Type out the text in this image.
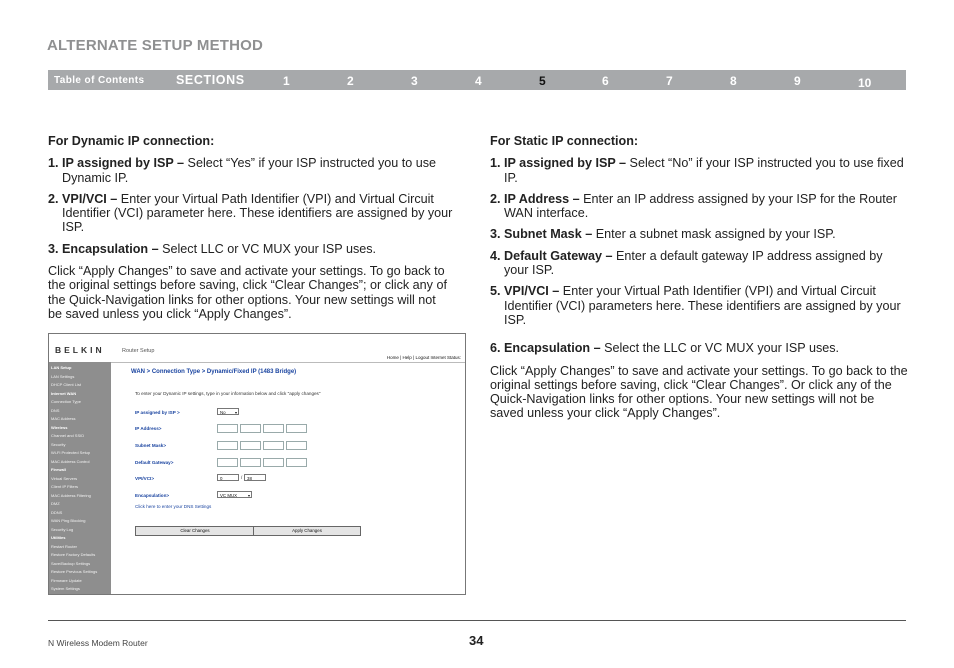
ALTERNATE SETUP METHOD
Table of Contents	SECTIONS	1	2	3	4	5	6	7	8	9	10

For Dynamic IP connection:

1. IP assigned by ISP – Select “Yes” if your ISP instructed you to use Dynamic IP.

2. VPI/VCI – Enter your Virtual Path Identifier (VPI) and Virtual Circuit Identifier (VCI) parameter here. These identifiers are assigned by your ISP.

3. Encapsulation – Select LLC or VC MUX your ISP uses.

Click “Apply Changes” to save and activate your settings. To go back to the original settings before saving, click “Clear Changes”; or click any of the Quick-Navigation links for other options. Your new settings will not be saved unless you click “Apply Changes”.

BELKIN	Router Setup
Home | Help | Logout Internet Status:
LAN Setup
LAN Settings
DHCP Client List
Internet WAN
Connection Type
DNS
MAC Address
Wireless
Channel and SSID
Security
Wi-Fi Protected Setup
MAC Address Control
Firewall
Virtual Servers
Client IP Filters
MAC Address Filtering
DMZ
DDNS
WAN Ping Blocking
Security Log
Utilities
Restart Router
Restore Factory Defaults
Save/Backup Settings
Restore Previous Settings
Firmware Update
System Settings
WAN > Connection Type > Dynamic/Fixed IP (1483 Bridge)
To enter your Dynamic IP settings, type in your information below and click "apply changes"
IP assigned by ISP >	No ▾
IP Address>
Subnet Mask>
Default Gateway>
VPI/VCI>	0	/	38
Encapsulation>	VC MUX	▾
Click here to enter your DNS Settings
Clear Changes	Apply Changes

For Static IP connection:

1. IP assigned by ISP – Select “No” if your ISP instructed you to use fixed IP.

2. IP Address – Enter an IP address assigned by your ISP for the Router WAN interface.

3. Subnet Mask – Enter a subnet mask assigned by your ISP.

4. Default Gateway – Enter a default gateway IP address assigned by your ISP.

5. VPI/VCI – Enter your Virtual Path Identifier (VPI) and Virtual Circuit Identifier (VCI) parameters here. These identifiers are assigned by your ISP.

6. Encapsulation – Select the LLC or VC MUX your ISP uses.

Click “Apply Changes” to save and activate your settings. To go back to the original settings before saving, click “Clear Changes”. Or click any of the Quick-Navigation links for other options. Your new settings will not be saved unless your click “Apply Changes”.

N Wireless Modem Router	34
